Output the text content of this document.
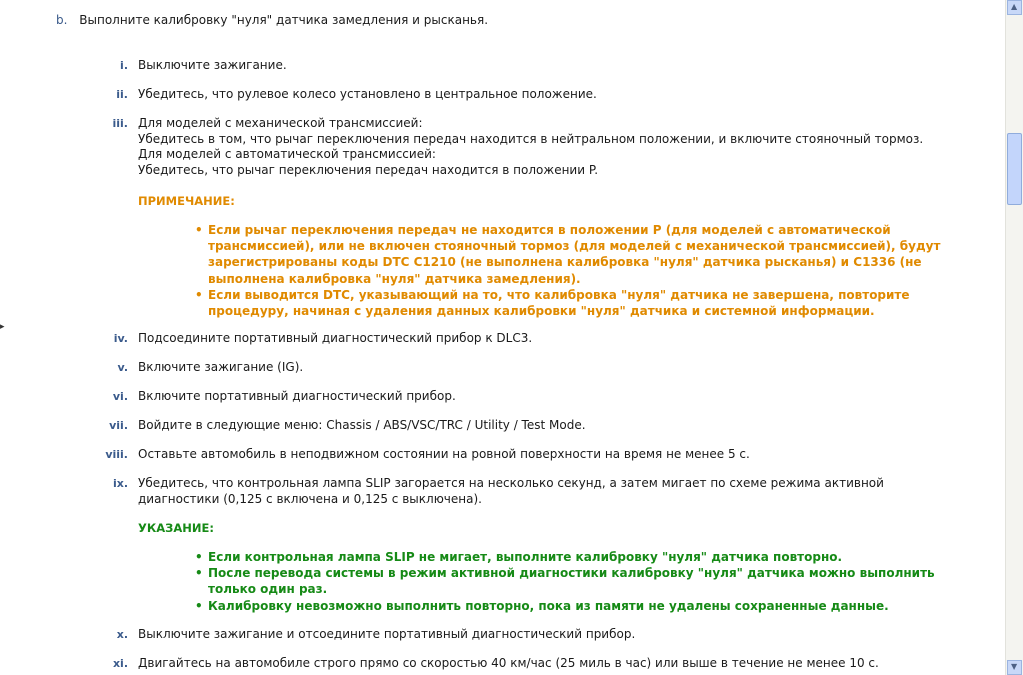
b. Выполните калибровку "нуля" датчика замедления и рысканья.
i. Выключите зажигание.
ii. Убедитесь, что рулевое колесо установлено в центральное положение.
iii. Для моделей с механической трансмиссией:
Убедитесь в том, что рычаг переключения передач находится в нейтральном положении, и включите стояночный тормоз.
Для моделей с автоматической трансмиссией:
Убедитесь, что рычаг переключения передач находится в положении P.
ПРИМЕЧАНИЕ:
• Если рычаг переключения передач не находится в положении P (для моделей с автоматической
трансмиссией), или не включен стояночный тормоз (для моделей с механической трансмиссией), будут
зарегистрированы коды DTC C1210 (не выполнена калибровка "нуля" датчика рысканья) и C1336 (не
выполнена калибровка "нуля" датчика замедления).
• Если выводится DTC, указывающий на то, что калибровка "нуля" датчика не завершена, повторите
процедуру, начиная с удаления данных калибровки "нуля" датчика и системной информации.
iv. Подсоедините портативный диагностический прибор к DLC3.
v. Включите зажигание (IG).
vi. Включите портативный диагностический прибор.
vii. Войдите в следующие меню: Chassis / ABS/VSC/TRC / Utility / Test Mode.
viii. Оставьте автомобиль в неподвижном состоянии на ровной поверхности на время не менее 5 с.
ix. Убедитесь, что контрольная лампа SLIP загорается на несколько секунд, а затем мигает по схеме режима активной
диагностики (0,125 с включена и 0,125 с выключена).
УКАЗАНИЕ:
• Если контрольная лампа SLIP не мигает, выполните калибровку "нуля" датчика повторно.
• После перевода системы в режим активной диагностики калибровку "нуля" датчика можно выполнить
только один раз.
• Калибровку невозможно выполнить повторно, пока из памяти не удалены сохраненные данные.
x. Выключите зажигание и отсоедините портативный диагностический прибор.
xi. Двигайтесь на автомобиле строго прямо со скоростью 40 км/час (25 миль в час) или выше в течение не менее 10 с.
▸
▲
▼
